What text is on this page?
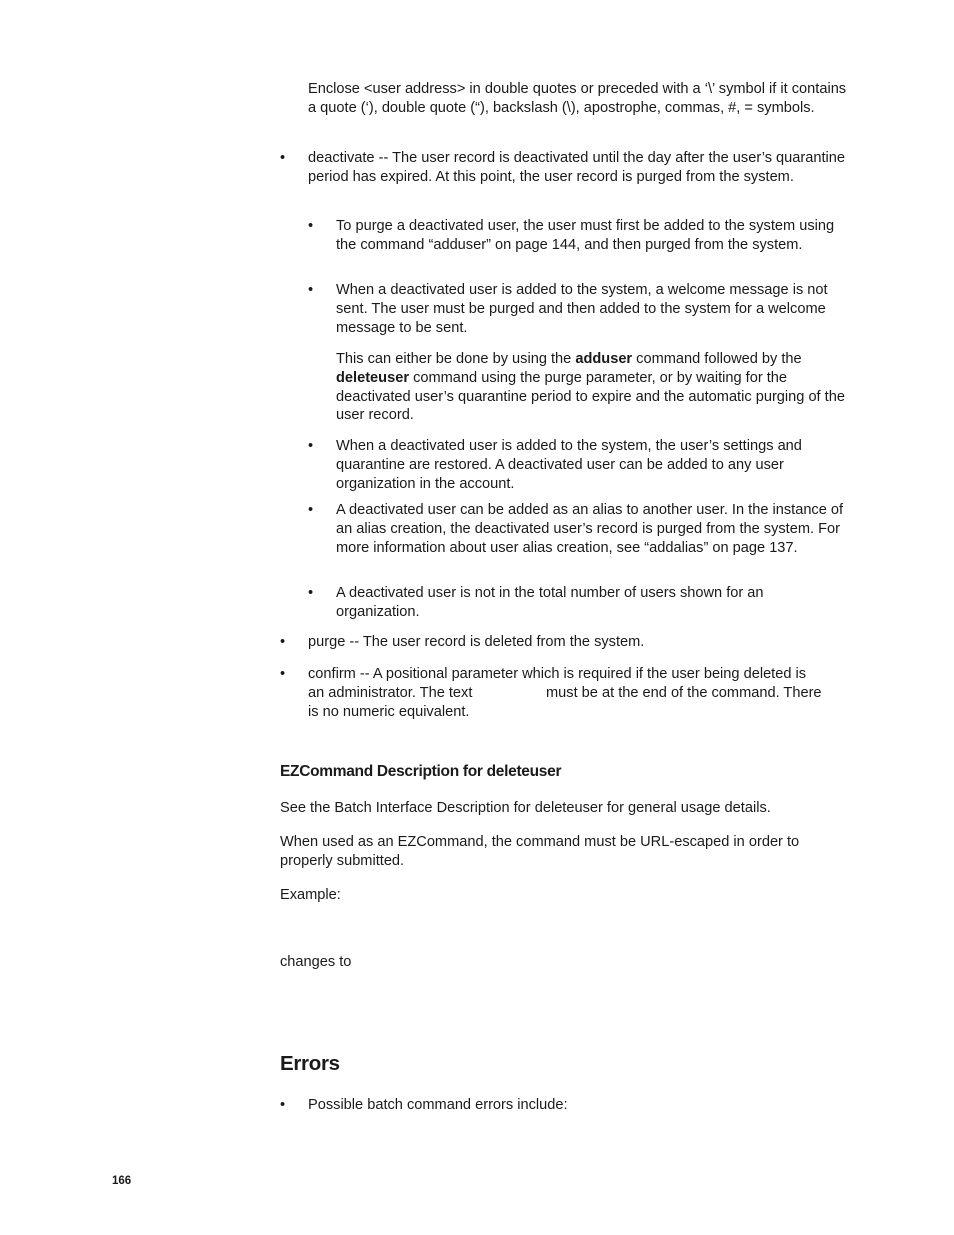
Enclose <user address> in double quotes or preceded with a ‘\’ symbol if it contains a quote (‘), double quote (“), backslash (\), apostrophe, commas, #, = symbols.

• deactivate -- The user record is deactivated until the day after the user’s quarantine period has expired. At this point, the user record is purged from the system.

• To purge a deactivated user, the user must first be added to the system using the command “adduser” on page 144, and then purged from the system.

• When a deactivated user is added to the system, a welcome message is not sent. The user must be purged and then added to the system for a welcome message to be sent.

This can either be done by using the adduser command followed by the deleteuser command using the purge parameter, or by waiting for the deactivated user’s quarantine period to expire and the automatic purging of the user record.

• When a deactivated user is added to the system, the user’s settings and quarantine are restored. A deactivated user can be added to any user organization in the account.

• A deactivated user can be added as an alias to another user. In the instance of an alias creation, the deactivated user’s record is purged from the system. For more information about user alias creation, see “addalias” on page 137.

• A deactivated user is not in the total number of users shown for an organization.

• purge -- The user record is deleted from the system.

• confirm -- A positional parameter which is required if the user being deleted is
an administrator. The text	must be at the end of the command. There
is no numeric equivalent.
EZCommand Description for deleteuser

See the Batch Interface Description for deleteuser for general usage details.

When used as an EZCommand, the command must be URL-escaped in order to properly submitted.

Example:

changes to

Errors
• Possible batch command errors include:

166
